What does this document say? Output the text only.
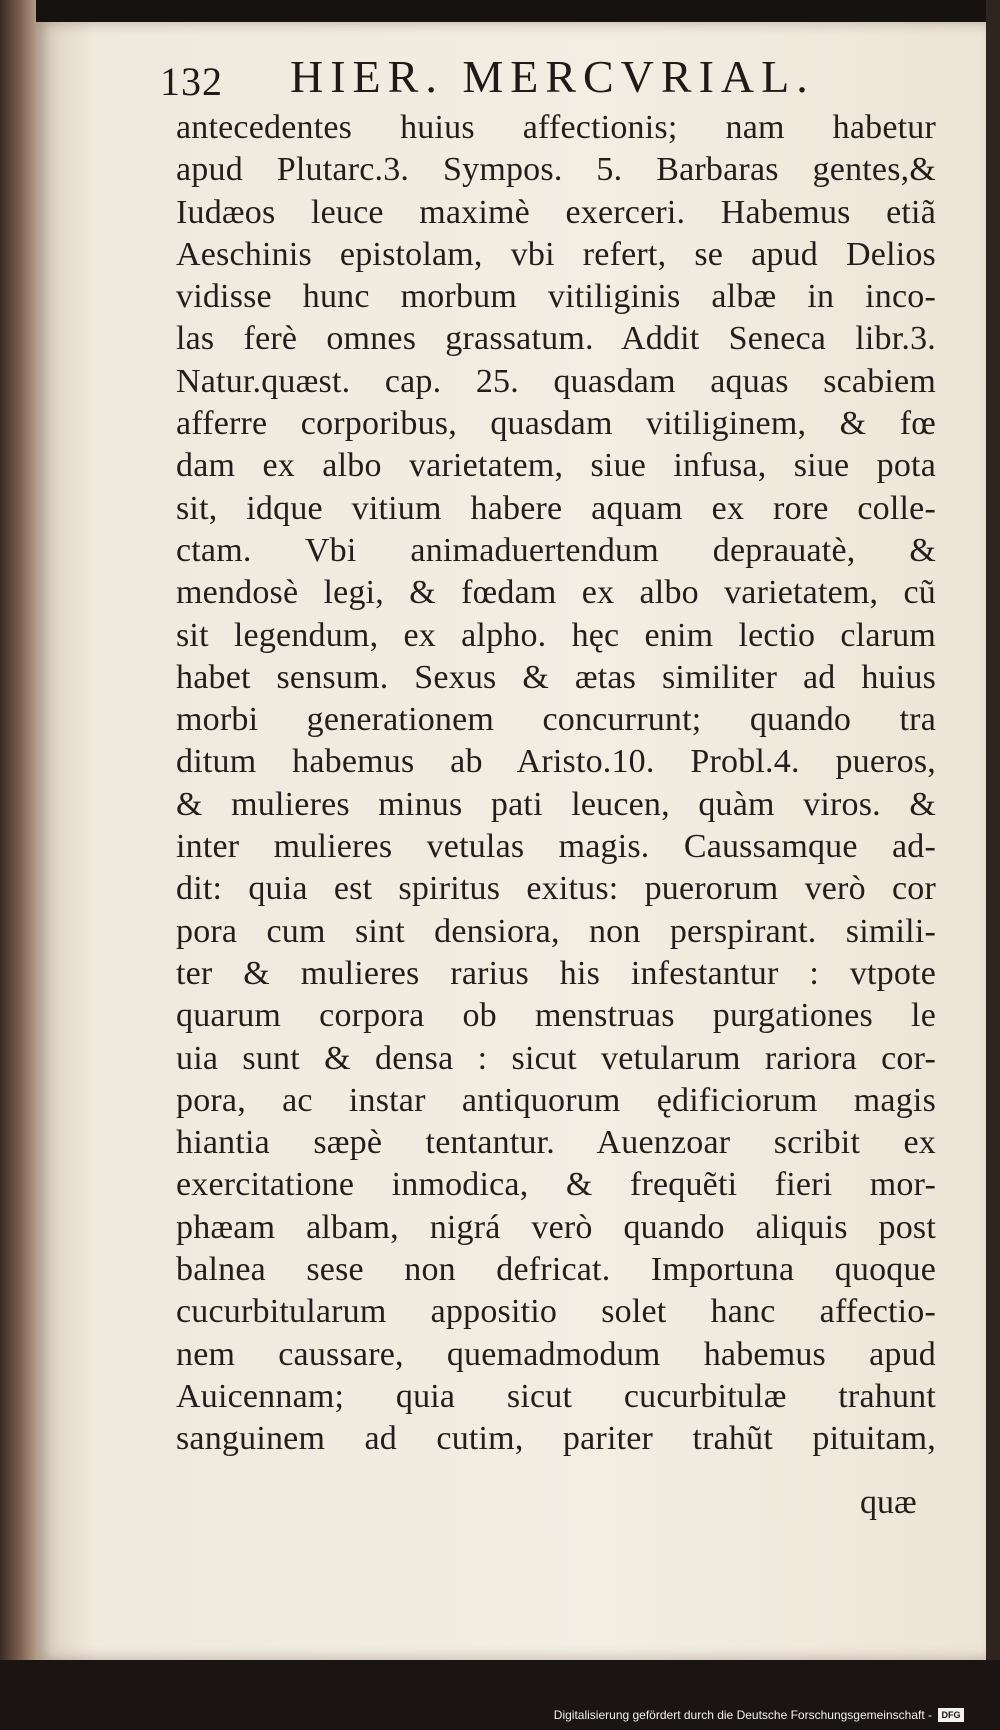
132 HIER. MERCVRIAL.
antecedentes huius affectionis; nam habetur
apud Plutarc.3. Sympos. 5. Barbaras gentes,&
Iudæos leuce maximè exerceri. Habemus etiã
Aeschinis epistolam, vbi refert, se apud Delios
vidisse hunc morbum vitiliginis albæ in inco-
las ferè omnes grassatum. Addit Seneca libr.3.
Natur.quæst. cap. 25. quasdam aquas scabiem
afferre corporibus, quasdam vitiliginem, & fœ
dam ex albo varietatem, siue infusa, siue pota
sit, idque vitium habere aquam ex rore colle-
ctam. Vbi animaduertendum deprauatè, &
mendosè legi, & fœdam ex albo varietatem, cũ
sit legendum, ex alpho. hęc enim lectio clarum
habet sensum. Sexus & ætas similiter ad huius
morbi generationem concurrunt; quando tra
ditum habemus ab Aristo.10. Probl.4. pueros,
& mulieres minus pati leucen, quàm viros. &
inter mulieres vetulas magis. Caussamque ad-
dit: quia est spiritus exitus: puerorum verò cor
pora cum sint densiora, non perspirant. simili-
ter & mulieres rarius his infestantur : vtpote
quarum corpora ob menstruas purgationes le
uia sunt & densa : sicut vetularum rariora cor-
pora, ac instar antiquorum ędificiorum magis
hiantia sæpè tentantur. Auenzoar scribit ex
exercitatione inmodica, & frequẽti fieri mor-
phæam albam, nigrá verò quando aliquis post
balnea sese non defricat. Importuna quoque
cucurbitularum appositio solet hanc affectio-
nem caussare, quemadmodum habemus apud
Auicennam; quia sicut cucurbitulæ trahunt
sanguinem ad cutim, pariter trahũt pituitam,
quæ
Digitalisierung gefördert durch die Deutsche Forschungsgemeinschaft -	DFG
